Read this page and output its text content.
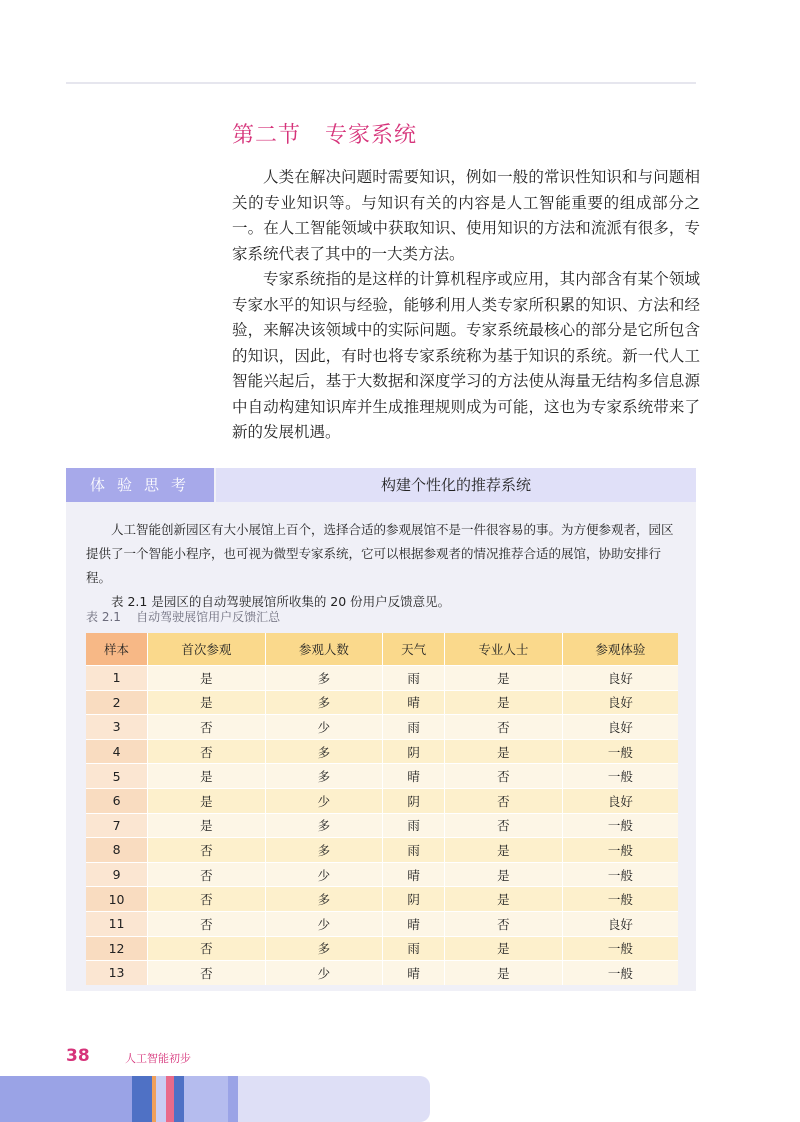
第二节   专家系统

人类在解决问题时需要知识，例如一般的常识性知识和与问题相关的专业知识等。与知识有关的内容是人工智能重要的组成部分之一。在人工智能领域中获取知识、使用知识的方法和流派有很多，专家系统代表了其中的一大类方法。

专家系统指的是这样的计算机程序或应用，其内部含有某个领域专家水平的知识与经验，能够利用人类专家所积累的知识、方法和经验，来解决该领域中的实际问题。专家系统最核心的部分是它所包含的知识，因此，有时也将专家系统称为基于知识的系统。新一代人工智能兴起后，基于大数据和深度学习的方法使从海量无结构多信息源中自动构建知识库并生成推理规则成为可能，这也为专家系统带来了新的发展机遇。

体验思考	构建个性化的推荐系统

人工智能创新园区有大小展馆上百个，选择合适的参观展馆不是一件很容易的事。为方便参观者，园区提供了一个智能小程序，也可视为微型专家系统，它可以根据参观者的情况推荐合适的展馆，协助安排行程。

表 2.1 是园区的自动驾驶展馆所收集的 20 份用户反馈意见。

表 2.1    自动驾驶展馆用户反馈汇总
样本	首次参观	参观人数	天气	专业人士	参观体验
1	是	多	雨	是	良好
2	是	多	晴	是	良好
3	否	少	雨	否	良好
4	否	多	阴	是	一般
5	是	多	晴	否	一般
6	是	少	阴	否	良好
7	是	多	雨	否	一般
8	否	多	雨	是	一般
9	否	少	晴	是	一般
10	否	多	阴	是	一般
11	否	少	晴	否	良好
12	否	多	雨	是	一般
13	否	少	晴	是	一般
38	人工智能初步
